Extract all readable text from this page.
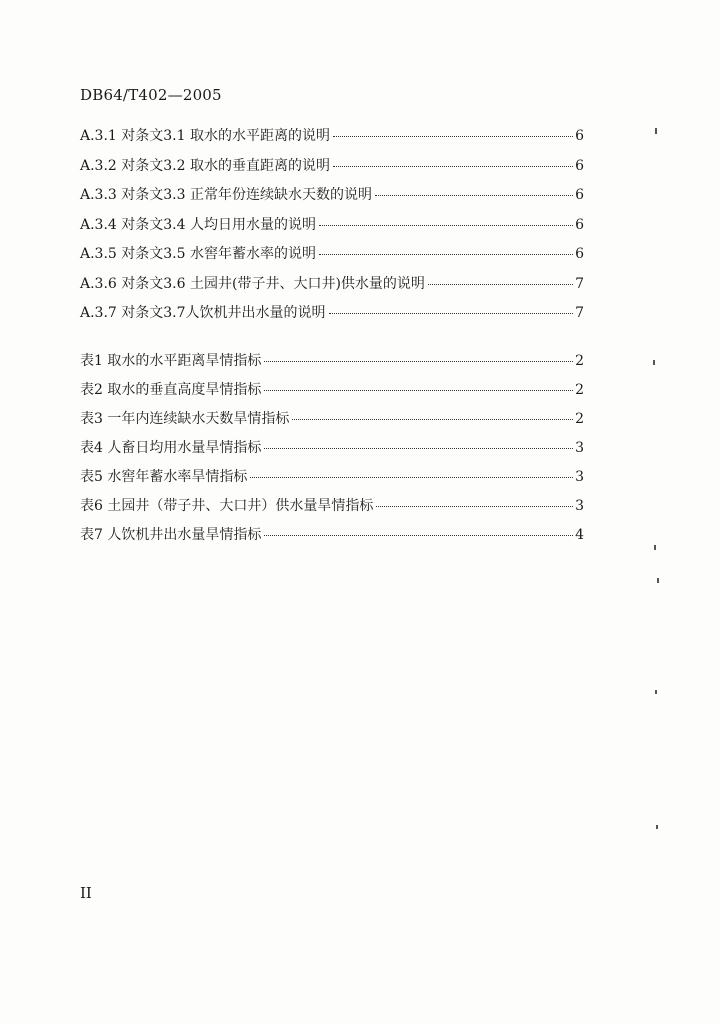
DB64/T402—2005
A.3.1 对条文3.1 取水的水平距离的说明	6
A.3.2 对条文3.2 取水的垂直距离的说明	6
A.3.3 对条文3.3 正常年份连续缺水天数的说明	6
A.3.4 对条文3.4 人均日用水量的说明	6
A.3.5 对条文3.5 水窖年蓄水率的说明	6
A.3.6 对条文3.6 土园井(带子井、大口井)供水量的说明	7
A.3.7 对条文3.7人饮机井出水量的说明	7
表1 取水的水平距离旱情指标	2
表2 取水的垂直高度旱情指标	2
表3 一年内连续缺水天数旱情指标	2
表4 人畜日均用水量旱情指标	3
表5 水窖年蓄水率旱情指标	3
表6 土园井（带子井、大口井）供水量旱情指标	3
表7 人饮机井出水量旱情指标	4
II
